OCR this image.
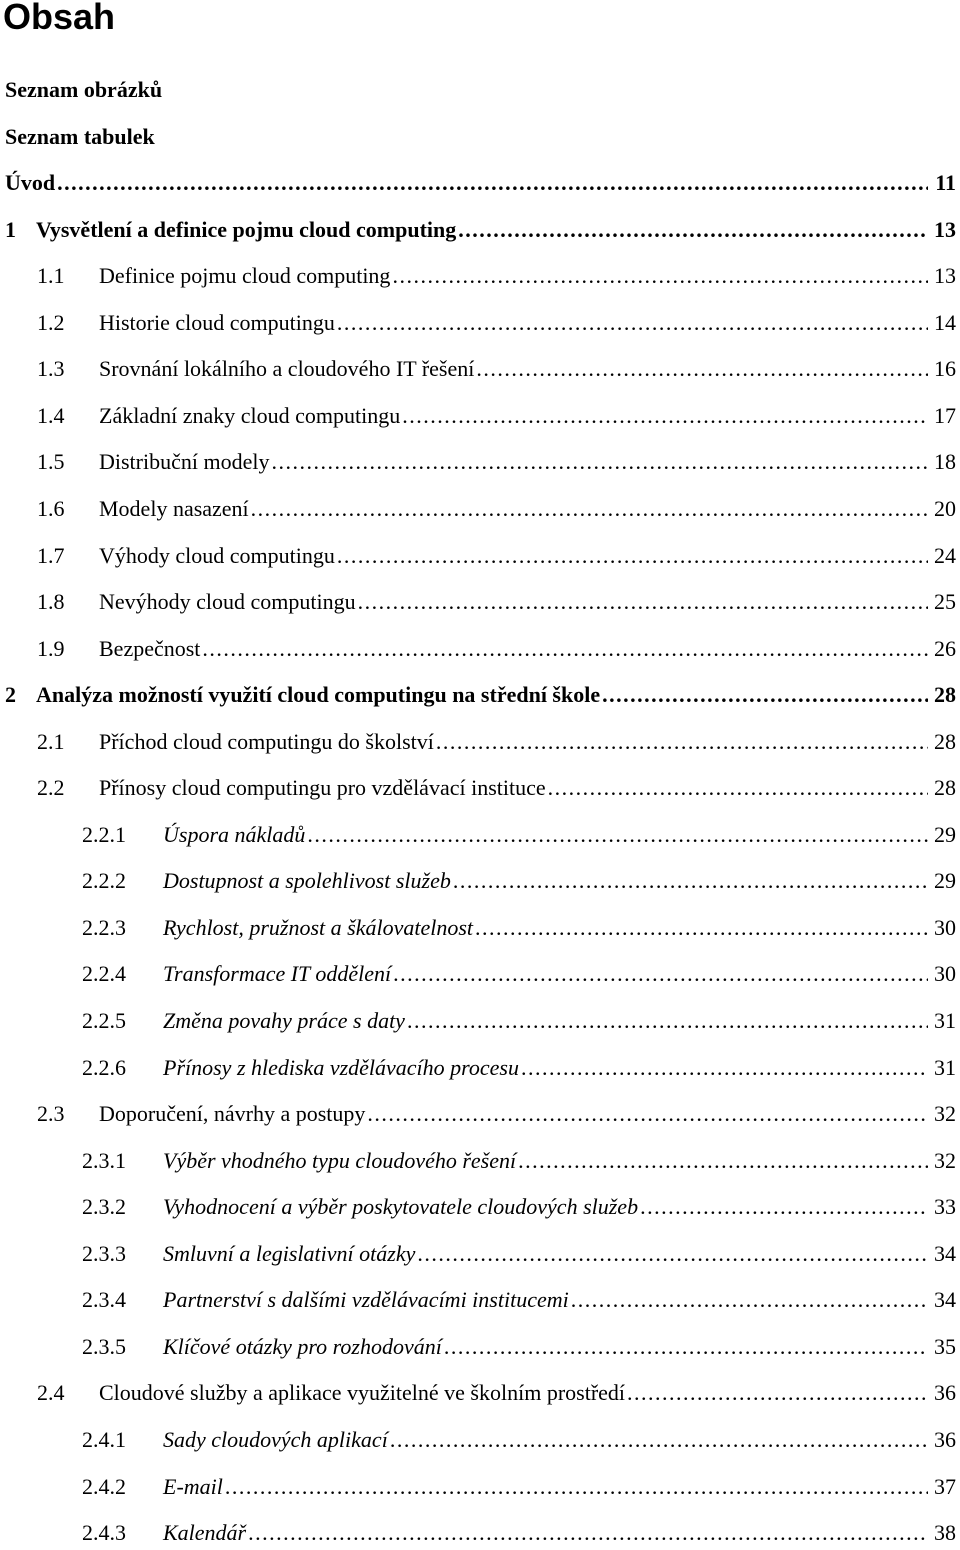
Obsah
Seznam obrázků
Seznam tabulek
Úvod . . .	11
1 Vysvětlení a definice pojmu cloud computing . . .	13
1.1	Definice pojmu cloud computing . . .	13
1.2	Historie cloud computingu . . .	14
1.3	Srovnání lokálního a cloudového IT řešení . . .	16
1.4	Základní znaky cloud computingu . . .	17
1.5	Distribuční modely . . .	18
1.6	Modely nasazení . . .	20
1.7	Výhody cloud computingu . . .	24
1.8	Nevýhody cloud computingu . . .	25
1.9	Bezpečnost . . .	26
2 Analýza možností využití cloud computingu na střední škole . . .	28
2.1	Příchod cloud computingu do školství . . .	28
2.2	Přínosy cloud computingu pro vzdělávací instituce . . .	28
2.2.1	Úspora nákladů . . .	29
2.2.2	Dostupnost a spolehlivost služeb . . .	29
2.2.3	Rychlost, pružnost a škálovatelnost . . .	30
2.2.4	Transformace IT oddělení . . .	30
2.2.5	Změna povahy práce s daty . . .	31
2.2.6	Přínosy z hlediska vzdělávacího procesu . . .	31
2.3	Doporučení, návrhy a postupy . . .	32
2.3.1	Výběr vhodného typu cloudového řešení . . .	32
2.3.2	Vyhodnocení a výběr poskytovatele cloudových služeb . . .	33
2.3.3	Smluvní a legislativní otázky . . .	34
2.3.4	Partnerství s dalšími vzdělávacími institucemi . . .	34
2.3.5	Klíčové otázky pro rozhodování . . .	35
2.4	Cloudové služby a aplikace využitelné ve školním prostředí . . .	36
2.4.1	Sady cloudových aplikací . . .	36
2.4.2	E-mail . . .	37
2.4.3	Kalendář . . .	38
